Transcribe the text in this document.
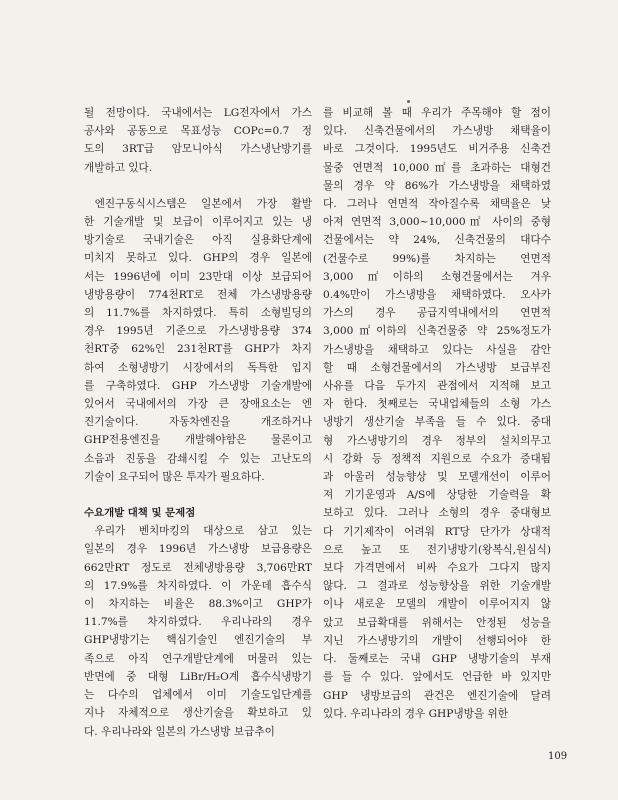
될 전망이다. 국내에서는 LG전자에서 가스
공사와 공동으로 목표성능 COPc=0.7 정
도의 3RT급 암모니아식 가스냉난방기를
개발하고 있다.
엔진구동식시스템은 일본에서 가장 활발
한 기술개발 및 보급이 이루어지고 있는 냉
방기술로 국내기술은 아직 실용화단계에
미치지 못하고 있다. GHP의 경우 일본에
서는 1996년에 이미 23만대 이상 보급되어
냉방용량이 774천RT로 전체 가스냉방용량
의 11.7%를 차지하였다. 특히 소형빌딩의
경우 1995년 기준으로 가스냉방용량 374
천RT중 62%인 231천RT를 GHP가 차지
하여 소형냉방기 시장에서의 독특한 입지
를 구축하였다. GHP 가스냉방 기술개발에
있어서 국내에서의 가장 큰 장애요소는 엔
진기술이다. 자동차엔진을 개조하거나
GHP전용엔진을 개발해야함은 물론이고
소음과 진동을 감쇄시킬 수 있는 고난도의
기술이 요구되어 많은 투자가 필요하다.
수요개발 대책 및 문제점
우리가 벤치마킹의 대상으로 삼고 있는
일본의 경우 1996년 가스냉방 보급용량은
662만RT 정도로 전체냉방용량 3,706만RT
의 17.9%를 차지하였다. 이 가운데 흡수식
이 차지하는 비율은 88.3%이고 GHP가
11.7%를 차지하였다. 우리나라의 경우
GHP냉방기는 핵심기술인 엔진기술의 부
족으로 아직 연구개발단계에 머물러 있는
반면에 중 대형 LiBr/H₂O계 흡수식냉방기
는 다수의 업체에서 이미 기술도입단계를
지나 자체적으로 생산기술을 확보하고 있
다. 우리나라와 일본의 가스냉방 보급추이
를 비교해 볼 때 우리가 주목해야 할 점이
있다. 신축건물에서의 가스냉방 채택율이
바로 그것이다. 1995년도 비거주용 신축건
물중 연면적 10,000㎡를 초과하는 대형건
물의 경우 약 86%가 가스냉방을 채택하였
다. 그러나 연면적 작아질수록 채택율은 낮
아져 연면적 3,000~10,000㎡ 사이의 중형
건물에서는 약 24%, 신축건물의 대다수
(건물수로 99%)를 차지하는 연면적
3,000㎡이하의 소형건물에서는 겨우
0.4%만이 가스냉방을 채택하였다. 오사카
가스의 경우 공급지역내에서의 연면적
3,000㎡이하의 신축건물중 약 25%정도가
가스냉방을 채택하고 있다는 사실을 감안
할 때 소형건물에서의 가스냉방 보급부진
사유를 다음 두가지 관점에서 지적해 보고
자 한다. 첫째로는 국내업체들의 소형 가스
냉방기 생산기술 부족을 들 수 있다. 중대
형 가스냉방기의 경우 정부의 설치의무고
시 강화 등 정책적 지원으로 수요가 증대됨
과 아울러 성능향상 및 모델개선이 이루어
져 기기운영과 A/S에 상당한 기술력을 확
보하고 있다. 그러나 소형의 경우 중대형보
다 기기제작이 어려워 RT당 단가가 상대적
으로 높고 또 전기냉방기(왕복식,원심식)
보다 가격면에서 비싸 수요가 그다지 많지
않다. 그 결과로 성능향상을 위한 기술개발
이나 새로운 모델의 개발이 이루어지지 않
았고 보급확대를 위해서는 안정된 성능을
지닌 가스냉방기의 개발이 선행되어야 한
다. 둘째로는 국내 GHP 냉방기술의 부재
를 들 수 있다. 앞에서도 언급한 바 있지만
GHP 냉방보급의 관건은 엔진기술에 달려
있다. 우리나라의 경우 GHP냉방을 위한
109
